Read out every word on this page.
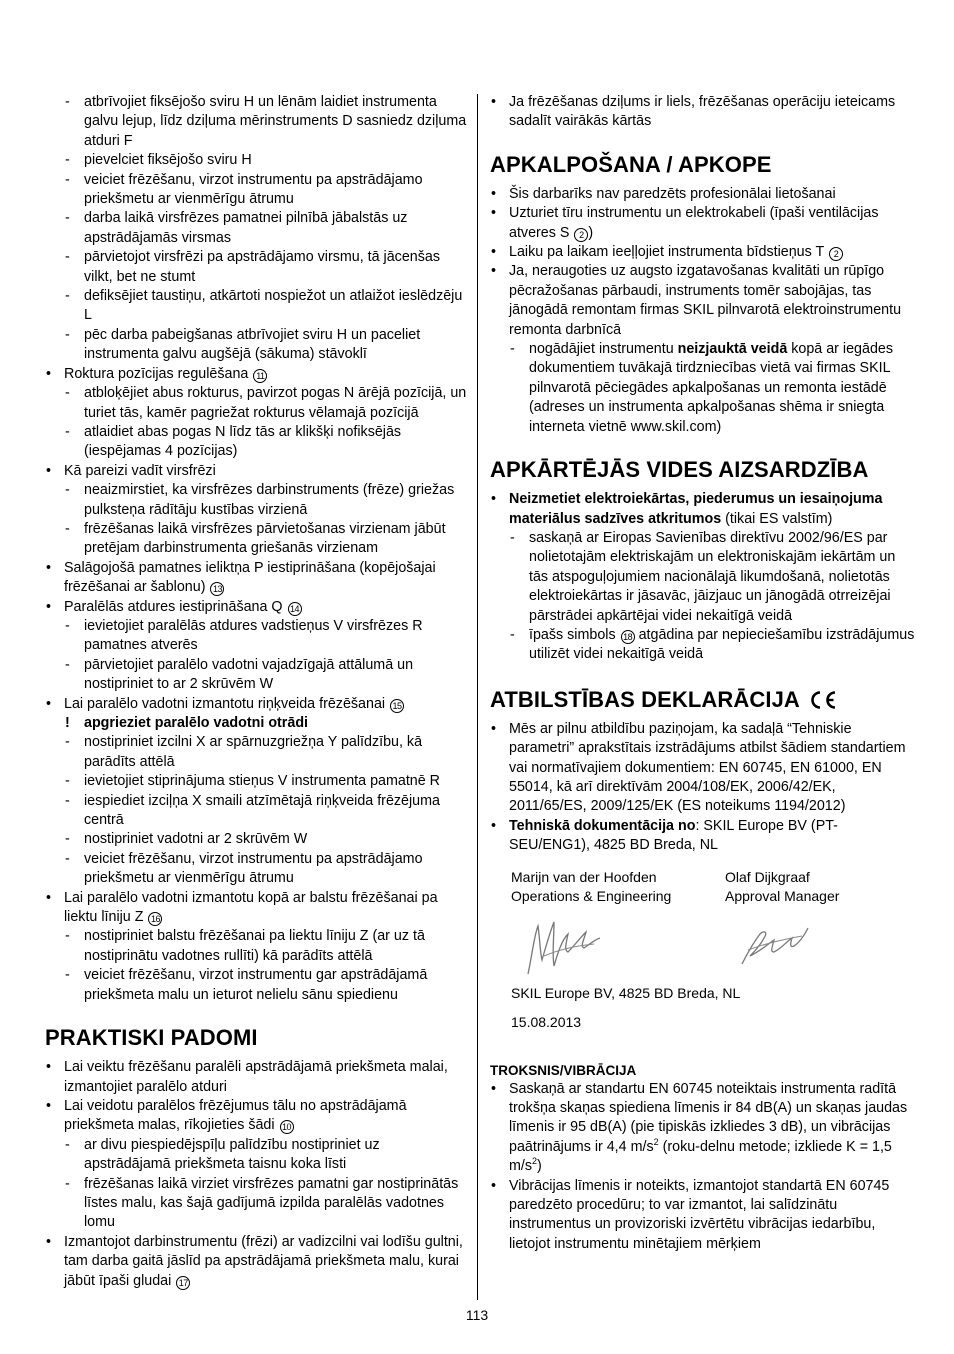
- atbrīvojiet fiksējošo sviru H un lēnām laidiet instrumenta galvu lejup, līdz dziļuma mērinstruments D sasniedz dziļuma atduri F
- pievelciet fiksējošo sviru H
- veiciet frēzēšanu, virzot instrumentu pa apstrādājamo priekšmetu ar vienmērīgu ātrumu
- darba laikā virsfrēzes pamatnei pilnībā jābalstās uz apstrādājamās virsmas
- pārvietojot virsfrēzi pa apstrādājamo virsmu, tā jācenšas vilkt, bet ne stumt
- defiksējiet taustiņu, atkārtoti nospiežot un atlaižot ieslēdzēju L
- pēc darba pabeigšanas atbrīvojiet sviru H un paceliet instrumenta galvu augšējā (sākuma) stāvoklī
• Roktura pozīcijas regulēšana 11
- atbloķējiet abus rokturus, pavirzot pogas N ārējā pozīcijā, un turiet tās, kamēr pagriežat rokturus vēlamajā pozīcijā
- atlaidiet abas pogas N līdz tās ar klikšķi nofiksējās (iespējamas 4 pozīcijas)
• Kā pareizi vadīt virsfrēzi
- neaizmirstiet, ka virsfrēzes darbinstruments (frēze) griežas pulksteņa rādītāju kustības virzienā
- frēzēšanas laikā virsfrēzes pārvietošanas virzienam jābūt pretējam darbinstrumenta griešanās virzienam
• Salāgojošā pamatnes ieliktņa P iestiprināšana (kopējošajai frēzēšanai ar šablonu) 13
• Paralēlās atdures iestiprināšana Q 14
- ievietojiet paralēlās atdures vadstieņus V virsfrēzes R pamatnes atverēs
- pārvietojiet paralēlo vadotni vajadzīgajā attālumā un nostipriniet to ar 2 skrūvēm W
• Lai paralēlo vadotni izmantotu riņķveida frēzēšanai 15
! apgrieziet paralēlo vadotni otrādi
- nostipriniet izcilni X ar spārnuzgriežņa Y palīdzību, kā parādīts attēlā
- ievietojiet stiprinājuma stieņus V instrumenta pamatnē R
- iespiediet izciļņa X smaili atzīmētajā riņķveida frēzējuma centrā
- nostipriniet vadotni ar 2 skrūvēm W
- veiciet frēzēšanu, virzot instrumentu pa apstrādājamo priekšmetu ar vienmērīgu ātrumu
• Lai paralēlo vadotni izmantotu kopā ar balstu frēzēšanai pa liektu līniju Z 16
- nostipriniet balstu frēzēšanai pa liektu līniju Z (ar uz tā nostiprinātu vadotnes rullīti) kā parādīts attēlā
- veiciet frēzēšanu, virzot instrumentu gar apstrādājamā priekšmeta malu un ieturot nelielu sānu spiedienu
PRAKTISKI PADOMI
• Lai veiktu frēzēšanu paralēli apstrādājamā priekšmeta malai, izmantojiet paralēlo atduri
• Lai veidotu paralēlos frēzējumus tālu no apstrādājamā priekšmeta malas, rīkojieties šādi 10
- ar divu piespiedējspīļu palīdzību nostipriniet uz apstrādājamā priekšmeta taisnu koka līsti
- frēzēšanas laikā virziet virsfrēzes pamatni gar nostiprinātās līstes malu, kas šajā gadījumā izpilda paralēlās vadotnes lomu
• Izmantojot darbinstrumentu (frēzi) ar vadizcilni vai lodīšu gultni, tam darba gaitā jāslīd pa apstrādājamā priekšmeta malu, kurai jābūt īpaši gludai 17
• Ja frēzēšanas dziļums ir liels, frēzēšanas operāciju ieteicams sadalīt vairākās kārtās
APKALPOŠANA / APKOPE
• Šis darbarīks nav paredzēts profesionālai lietošanai
• Uzturiet tīru instrumentu un elektrokabeli (īpaši ventilācijas atveres S 2 )
• Laiku pa laikam ieeļļojiet instrumenta bīdstieņus T 2
• Ja, neraugoties uz augsto izgatavošanas kvalitāti un rūpīgo pēcražošanas pārbaudi, instruments tomēr sabojājas, tas jānogādā remontam firmas SKIL pilnvarotā elektroinstrumentu remonta darbnīcā
- nogādājiet instrumentu neizjauktā veidā kopā ar iegādes dokumentiem tuvākajā tirdzniecības vietā vai firmas SKIL pilnvarotā pēciegādes apkalpošanas un remonta iestādē (adreses un instrumenta apkalpošanas shēma ir sniegta interneta vietnē www.skil.com)
APKĀRTĒJĀS VIDES AIZSARDZĪBA
• Neizmetiet elektroiekārtas, piederumus un iesaiņojuma materiālus sadzīves atkritumos (tikai ES valstīm)
- saskaņā ar Eiropas Savienības direktīvu 2002/96/ES par nolietotajām elektriskajām un elektroniskajām iekārtām un tās atspoguļojumiem nacionālajā likumdošanā, nolietotās elektroiekārtas ir jāsavāc, jāizjauc un jānogādā otrreizējai pārstrādei apkārtējai videi nekaitīgā veidā
- īpašs simbols 18 atgādina par nepieciešamību izstrādājumus utilizēt videi nekaitīgā veidā
ATBILSTĪBAS DEKLARĀCIJA
• Mēs ar pilnu atbildību paziņojam, ka sadaļā “Tehniskie parametri” aprakstītais izstrādājums atbilst šādiem standartiem vai normatīvajiem dokumentiem: EN 60745, EN 61000, EN 55014, kā arī direktīvām 2004/108/EK, 2006/42/EK, 2011/65/ES, 2009/125/EK (ES noteikums 1194/2012)
• Tehniskā dokumentācija no: SKIL Europe BV (PT-SEU/ENG1), 4825 BD Breda, NL
Marijn van der Hoofden
Operations & Engineering
Olaf Dijkgraaf
Approval Manager
SKIL Europe BV, 4825 BD Breda, NL
15.08.2013
TROKSNIS/VIBRĀCIJA
• Saskaņā ar standartu EN 60745 noteiktais instrumenta radītā trokšņa skaņas spiediena līmenis ir 84 dB(A) un skaņas jaudas līmenis ir 95 dB(A) (pie tipiskās izkliedes 3 dB), un vibrācijas paātrinājums ir 4,4 $m/s^2$ (roku-delnu metode; izkliede K = 1,5 $m/s^2$)
• Vibrācijas līmenis ir noteikts, izmantojot standartā EN 60745 paredzēto procedūru; to var izmantot, lai salīdzinātu instrumentus un provizoriski izvērtētu vibrācijas iedarbību, lietojot instrumentu minētajiem mērķiem
113
